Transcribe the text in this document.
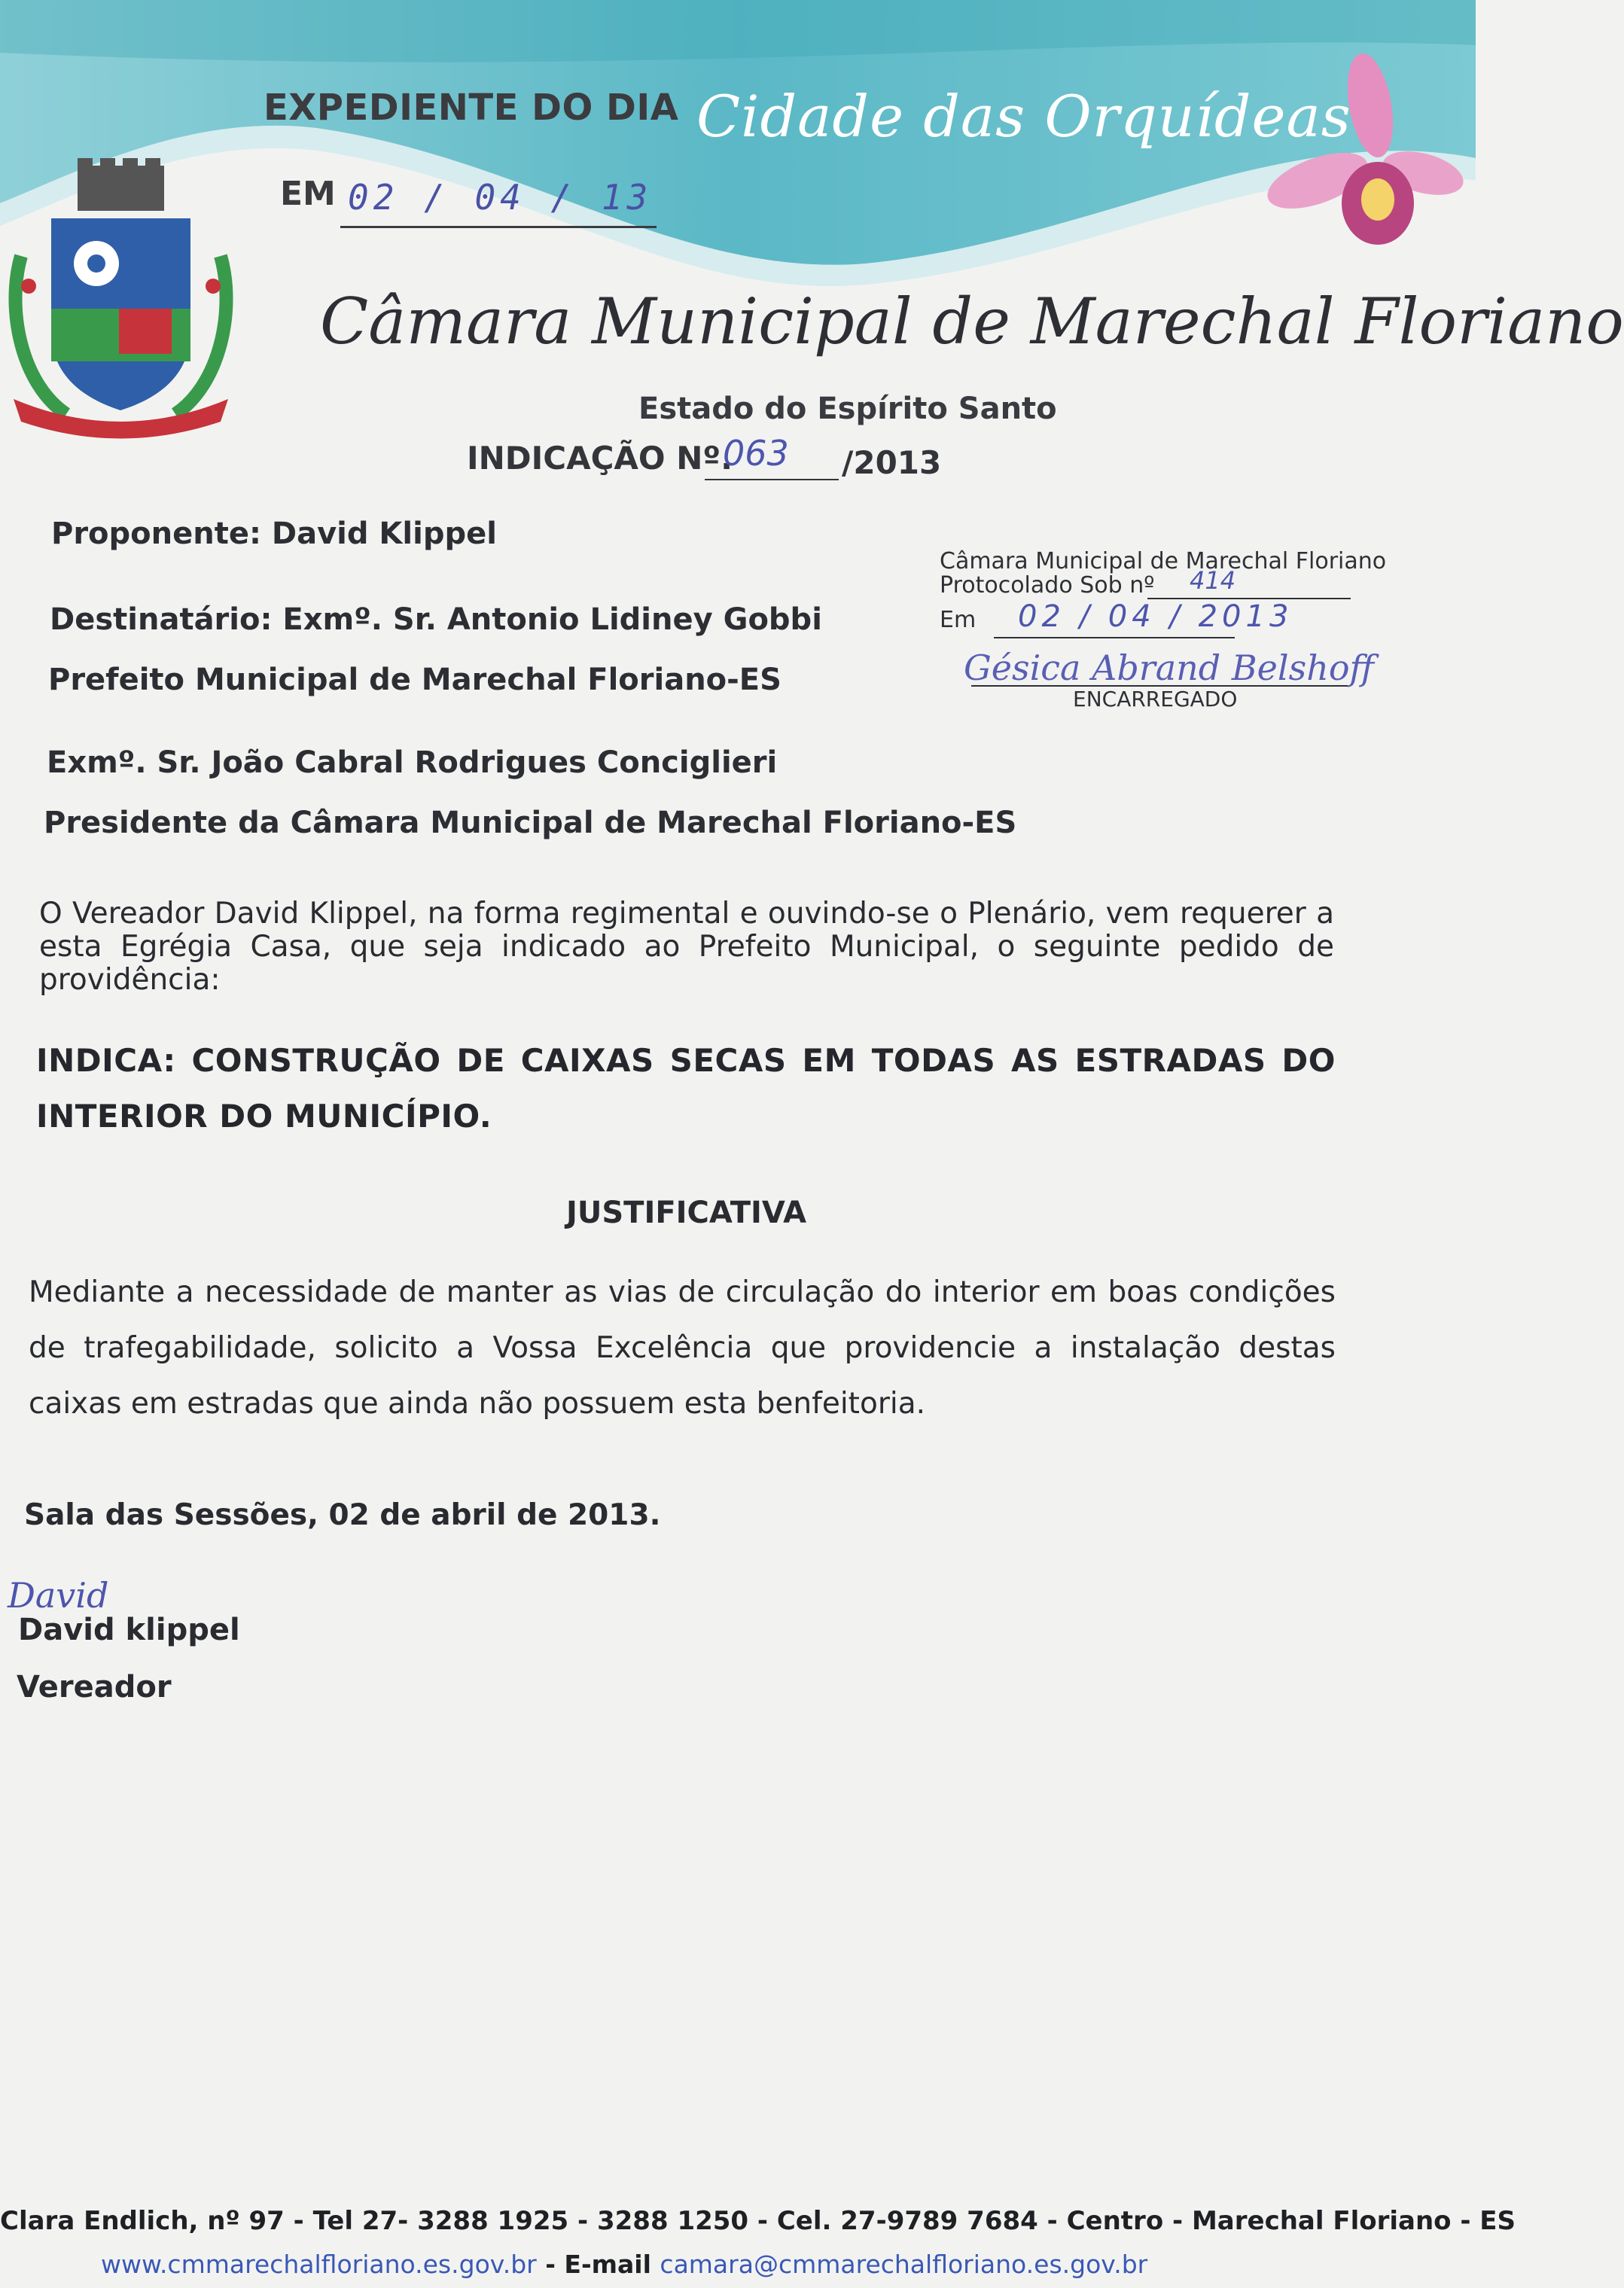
EXPEDIENTE DO DIA
EM 02 / 04 / 13
Cidade das Orquídeas
Câmara Municipal de Marechal Floriano
Estado do Espírito Santo
INDICAÇÃO Nº.
063 /2013
Proponente: David Klippel
Destinatário: Exmº. Sr. Antonio Lidiney Gobbi
Prefeito Municipal de Marechal Floriano-ES
Exmº. Sr. João Cabral Rodrigues Conciglieri
Presidente da Câmara Municipal de Marechal Floriano-ES
Câmara Municipal de Marechal Floriano
Protocolado Sob nº 414
Em 02 / 04 / 2013
Gésica Abrand Belshoff
ENCARREGADO
O Vereador David Klippel, na forma regimental e ouvindo-se o Plenário, vem requerer a esta Egrégia Casa, que seja indicado ao Prefeito Municipal, o seguinte pedido de providência:
INDICA: CONSTRUÇÃO DE CAIXAS SECAS EM TODAS AS ESTRADAS DO INTERIOR DO MUNICÍPIO.
JUSTIFICATIVA
Mediante a necessidade de manter as vias de circulação do interior em boas condições de trafegabilidade, solicito a Vossa Excelência que providencie a instalação destas caixas em estradas que ainda não possuem esta benfeitoria.
Sala das Sessões, 02 de abril de 2013.
David
David klippel
Vereador
Clara Endlich, nº 97 - Tel 27- 3288 1925 - 3288 1250 - Cel. 27-9789 7684 - Centro - Marechal Floriano - ES
www.cmmarechalfloriano.es.gov.br - E-mail camara@cmmarechalfloriano.es.gov.br
